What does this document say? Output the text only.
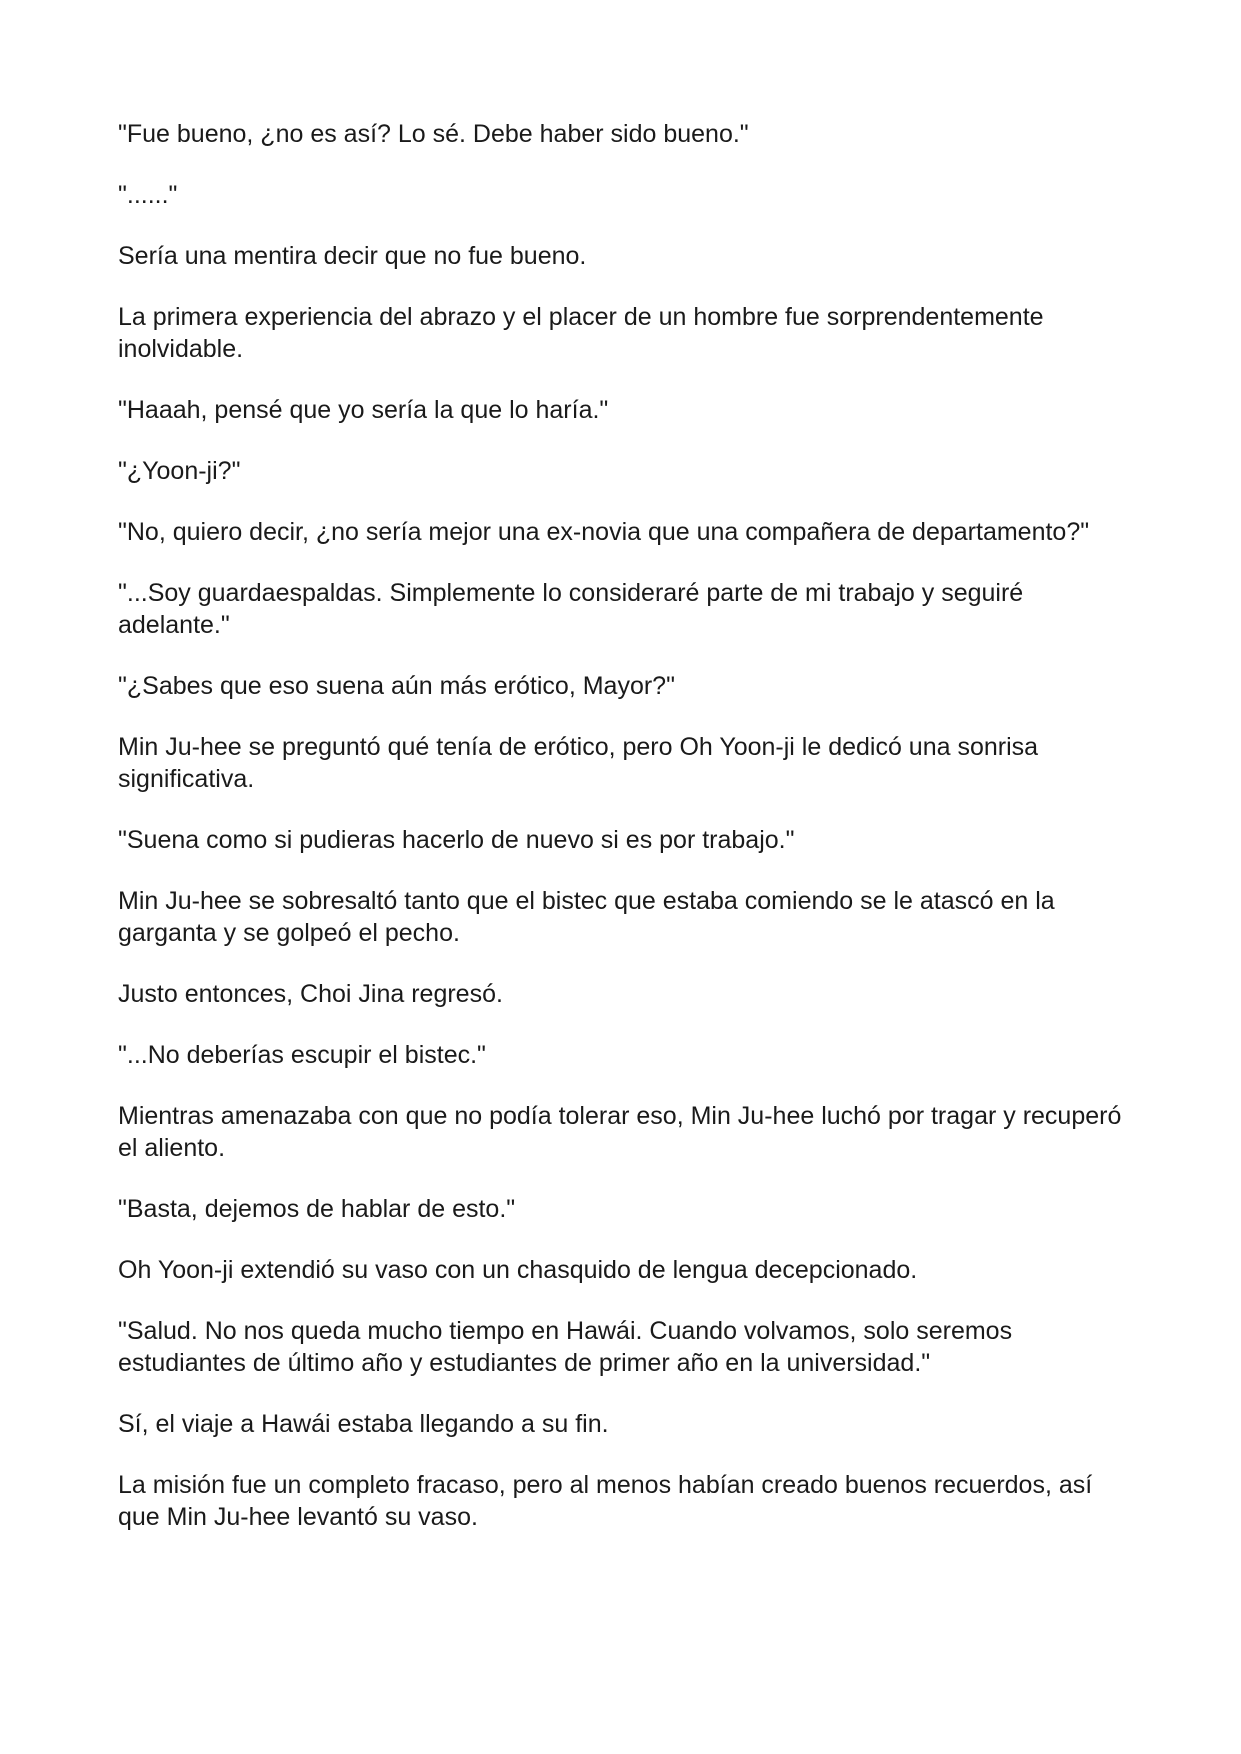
"Fue bueno, ¿no es así? Lo sé. Debe haber sido bueno."

"......"

Sería una mentira decir que no fue bueno.

La primera experiencia del abrazo y el placer de un hombre fue sorprendentemente inolvidable.

"Haaah, pensé que yo sería la que lo haría."

"¿Yoon-ji?"

"No, quiero decir, ¿no sería mejor una ex-novia que una compañera de departamento?"

"...Soy guardaespaldas. Simplemente lo consideraré parte de mi trabajo y seguiré adelante."

"¿Sabes que eso suena aún más erótico, Mayor?"

Min Ju-hee se preguntó qué tenía de erótico, pero Oh Yoon-ji le dedicó una sonrisa significativa.

"Suena como si pudieras hacerlo de nuevo si es por trabajo."

Min Ju-hee se sobresaltó tanto que el bistec que estaba comiendo se le atascó en la garganta y se golpeó el pecho.

Justo entonces, Choi Jina regresó.

"...No deberías escupir el bistec."

Mientras amenazaba con que no podía tolerar eso, Min Ju-hee luchó por tragar y recuperó el aliento.

"Basta, dejemos de hablar de esto."

Oh Yoon-ji extendió su vaso con un chasquido de lengua decepcionado.

"Salud. No nos queda mucho tiempo en Hawái. Cuando volvamos, solo seremos estudiantes de último año y estudiantes de primer año en la universidad."

Sí, el viaje a Hawái estaba llegando a su fin.

La misión fue un completo fracaso, pero al menos habían creado buenos recuerdos, así que Min Ju-hee levantó su vaso.
